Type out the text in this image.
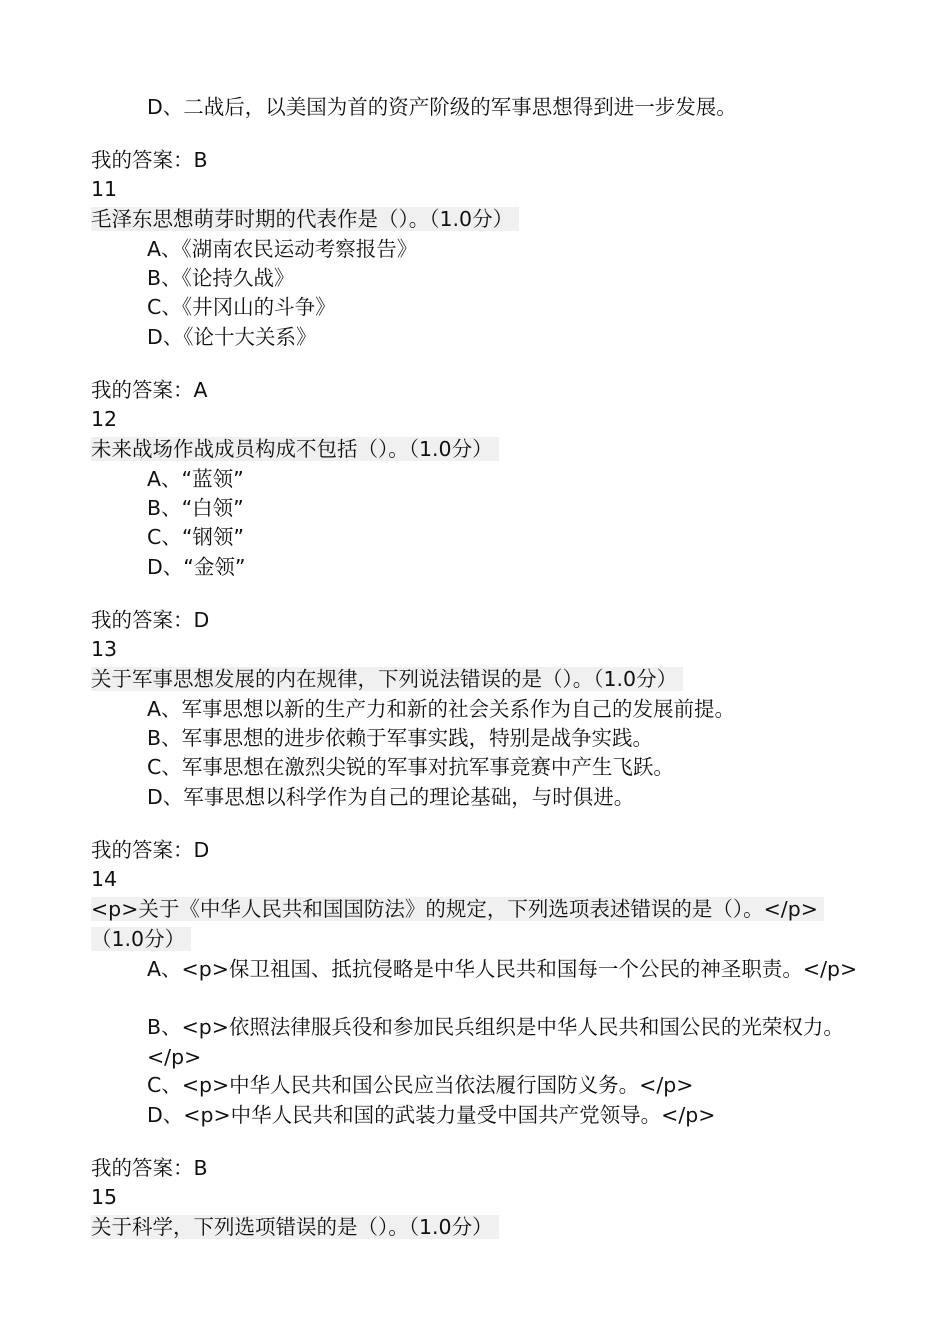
D、二战后，以美国为首的资产阶级的军事思想得到进一步发展。
我的答案：B
11
毛泽东思想萌芽时期的代表作是（）。（1.0分）
A、《湖南农民运动考察报告》
B、《论持久战》
C、《井冈山的斗争》
D、《论十大关系》
我的答案：A
12
未来战场作战成员构成不包括（）。（1.0分）
A、“蓝领”
B、“白领”
C、“钢领”
D、“金领”
我的答案：D
13
关于军事思想发展的内在规律，下列说法错误的是（）。（1.0分）
A、军事思想以新的生产力和新的社会关系作为自己的发展前提。
B、军事思想的进步依赖于军事实践，特别是战争实践。
C、军事思想在激烈尖锐的军事对抗军事竞赛中产生飞跃。
D、军事思想以科学作为自己的理论基础，与时俱进。
我的答案：D
14
<p>关于《中华人民共和国国防法》的规定，下列选项表述错误的是（）。</p>（1.0分）
A、<p>保卫祖国、抵抗侵略是中华人民共和国每一个公民的神圣职责。</p>
B、<p>依照法律服兵役和参加民兵组织是中华人民共和国公民的光荣权力。</p>
C、<p>中华人民共和国公民应当依法履行国防义务。</p>
D、<p>中华人民共和国的武装力量受中国共产党领导。</p>
我的答案：B
15
关于科学，下列选项错误的是（）。（1.0分）
